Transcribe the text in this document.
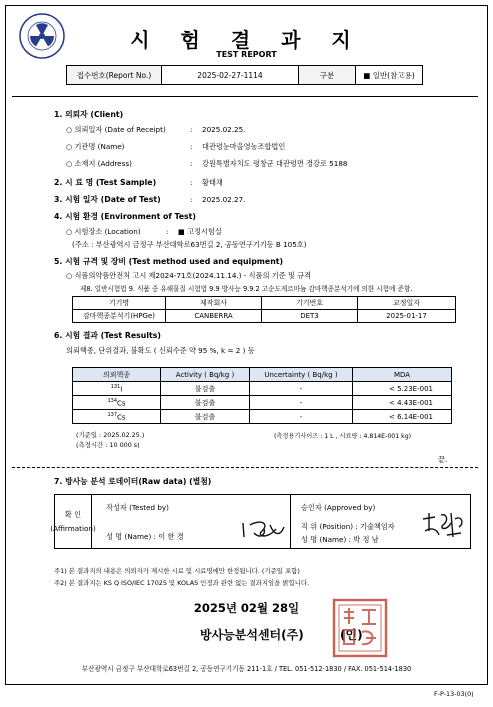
시 험 결 과 지
TEST REPORT
접수번호(Report No.)	2025-02-27-1114	구분	■ 일반(참고용)
1. 의뢰자 (Client)
○ 의뢰일자 (Date of Receipt)	: 2025.02.25.
○ 기관명 (Name)	: 대관령눈마을영농조합법인
○ 소재지 (Address)	: 강원특별자치도 평창군 대관령면 경강로 5188
2. 시 료 명 (Test Sample)	: 황태채
3. 시험 일자 (Date of Test)	: 2025.02.27.
4. 시험 환경 (Environment of Test)
○ 시험장소 (Location)	: ■ 고정시험실
(주소 : 부산광역시 금정구 부산대학로63번길 2, 공동연구기기동 B 105호)
5. 시험 규격 및 장비 (Test method used and equipment)
○ 식품의약품안전처 고시 제2024-71호(2024.11.14.) - 식품의 기준 및 규격
제8. 일반시험법 9. 식품 중 유해물질 시험법 9.9 방사능 9.9.2 고순도게르마늄 감마핵종분석기에 의한 시험에 준함.
기기명	제작회사	기기번호	교정일자
감마핵종분석기(HPGe)	CANBERRA	DET3	2025-01-17
6. 시험 결과 (Test Results)
의뢰핵종, 단위결과, 불확도 ( 신뢰수준 약 95 %, k = 2 ) 등
의뢰핵종	Activity ( Bq/kg )	Uncertainty ( Bq/kg )	MDA
$^{131}$I	불검출	-	< 5.23E-001
$^{134}$Cs	불검출	-	< 4.43E-001
$^{137}$Cs	불검출	-	< 6.14E-001
(기준일 : 2025.02.25.)
(측정시간 : 10 000 s)
(측정용기사이즈 : 1 L , 시료량 : 4.814E-001 kg)
끝.
7. 방사능 분석 로데이터(Raw data) (별첨)
확 인
(Affirmation)
작성자 (Tested by)
성 명 (Name) : 이 한 경
승인자 (Approved by)
직 위 (Position) : 기술책임자
성 명 (Name) : 박 정 남
주1) 본 결과지의 내용은 의뢰자가 제시한 시료 및 시료명에만 한정됩니다. (기준일 포함)
주2) 본 결과지는 KS Q ISO/IEC 17025 및 KOLAS 인정과 관련 없는 결과지임을 밝힙니다.
2025년 02월 28일
방사능분석센터(주)	(인)
부산광역시 금정구 부산대학로63번길 2, 공동연구기기동 211-1호 / TEL. 051-512-1830 / FAX. 051-514-1830
F-P-13-03(0)
